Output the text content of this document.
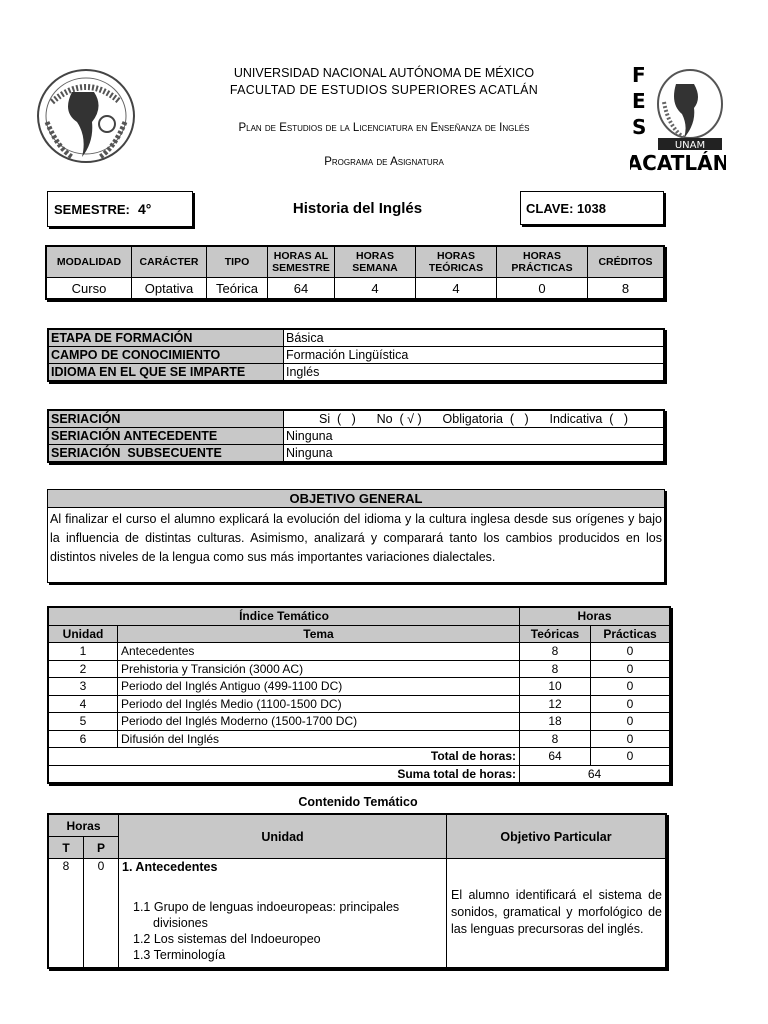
F
E
S
UNAM
ACATLÁN
UNIVERSIDAD NACIONAL AUTÓNOMA DE MÉXICO
FACULTAD DE ESTUDIOS SUPERIORES ACATLÁN
Plan de Estudios de la Licenciatura en Enseñanza de Inglés
Programa de Asignatura
SEMESTRE: 4°	Historia del Inglés	CLAVE: 1038
MODALIDAD	CARÁCTER	TIPO	HORAS AL SEMESTRE	HORAS SEMANA	HORAS TEÓRICAS	HORAS PRÁCTICAS	CRÉDITOS
Curso	Optativa	Teórica	64	4	4	0	8
ETAPA DE FORMACIÓN	Básica
CAMPO DE CONOCIMIENTO	Formación Lingüística
IDIOMA EN EL QUE SE IMPARTE	Inglés
SERIACIÓN	Si  (   )      No  ( √ )      Obligatoria  (   )      Indicativa  (   )
SERIACIÓN ANTECEDENTE	Ninguna
SERIACIÓN  SUBSECUENTE	Ninguna
OBJETIVO GENERAL
Al finalizar el curso el alumno explicará la evolución del idioma y la cultura inglesa desde sus orígenes y bajo la influencia de distintas culturas. Asimismo, analizará y comparará tanto los cambios producidos en los distintos niveles de la lengua como sus más importantes variaciones dialectales.
Índice Temático		Horas	
Unidad	Tema	Teóricas	Prácticas
1	Antecedentes	8	0
2	Prehistoria y Transición (3000 AC)	8	0
3	Periodo del Inglés Antiguo (499-1100 DC)	10	0
4	Periodo del Inglés Medio (1100-1500 DC)	12	0
5	Periodo del Inglés Moderno (1500-1700 DC)	18	0
6	Difusión del Inglés	8	0
Total de horas:		64	0
Suma total de horas:		64	
Contenido Temático
Horas		Unidad	Objetivo Particular
T	P		
8	0	1. Antecedentes
1.1 Grupo de lenguas indoeuropeas: principales
divisiones
1.2 Los sistemas del Indoeuropeo
1.3 Terminología	El alumno identificará el sistema de sonidos, gramatical y morfológico de las lenguas precursoras del inglés.
